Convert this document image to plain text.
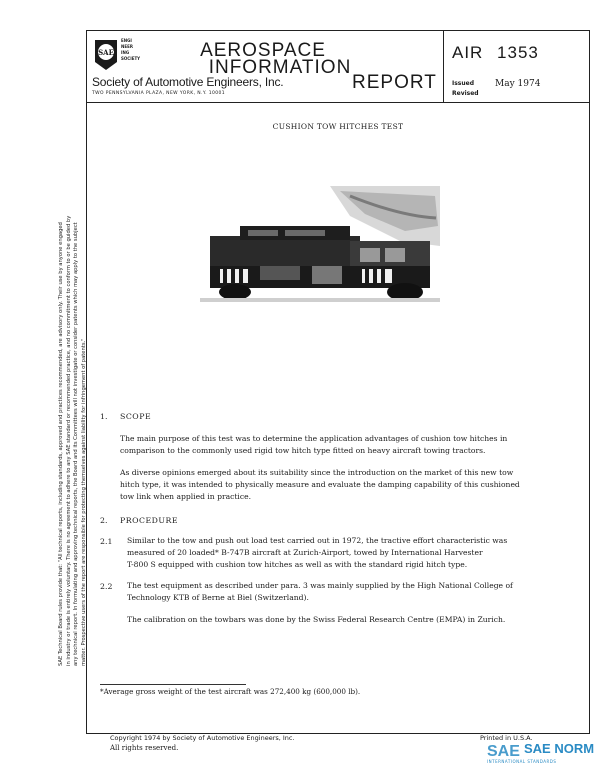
SAE
ENGI
NEER
ING
SOCIETY	AEROSPACE
INFORMATION
REPORT
Society of Automotive Engineers, Inc.
TWO PENNSYLVANIA PLAZA, NEW YORK, N.Y. 10001
AIR 1353
Issued
Revised
May 1974
CUSHION TOW HITCHES TEST
SAE Technical Board rules provide that: "All technical reports, including standards, approved and practices recommended, are advisory only. Their use by anyone engaged in industry or trade is entirely voluntary. There is no agreement to adhere to any SAE standard or recommended practice, and no commitment to conform to or be guided by any technical report. In formulating and approving technical reports, the Board and its Committees will not investigate or consider patents which may apply to the subject matter. Prospective users of the report are responsible for protecting themselves against liability for infringement of patents." 1. SCOPE
The main purpose of this test was to determine the application advantages of cushion tow hitches in
comparison to the commonly used rigid tow hitch type fitted on heavy aircraft towing tractors.
As diverse opinions emerged about its suitability since the introduction on the market of this new tow
hitch type, it was intended to physically measure and evaluate the damping capability of this cushioned
tow link when applied in practice.
2. PROCEDURE
2.1 Similar to the tow and push out load test carried out in 1972, the tractive effort characteristic was
measured of 20 loaded* B-747B aircraft at Zurich-Airport, towed by International Harvester
T-800 S equipped with cushion tow hitches as well as with the standard rigid hitch type.
2.2 The test equipment as described under para. 3 was mainly supplied by the High National College of
Technology KTB of Berne at Biel (Switzerland).
The calibration on the towbars was done by the Swiss Federal Research Centre (EMPA) in Zurich.
*Average gross weight of the test aircraft was 272,400 kg (600,000 lb).
Copyright 1974 by Society of Automotive Engineers, Inc.
All rights reserved.
Printed in U.S.A.
SAE SAE NORM
INTERNATIONAL STANDARDS
